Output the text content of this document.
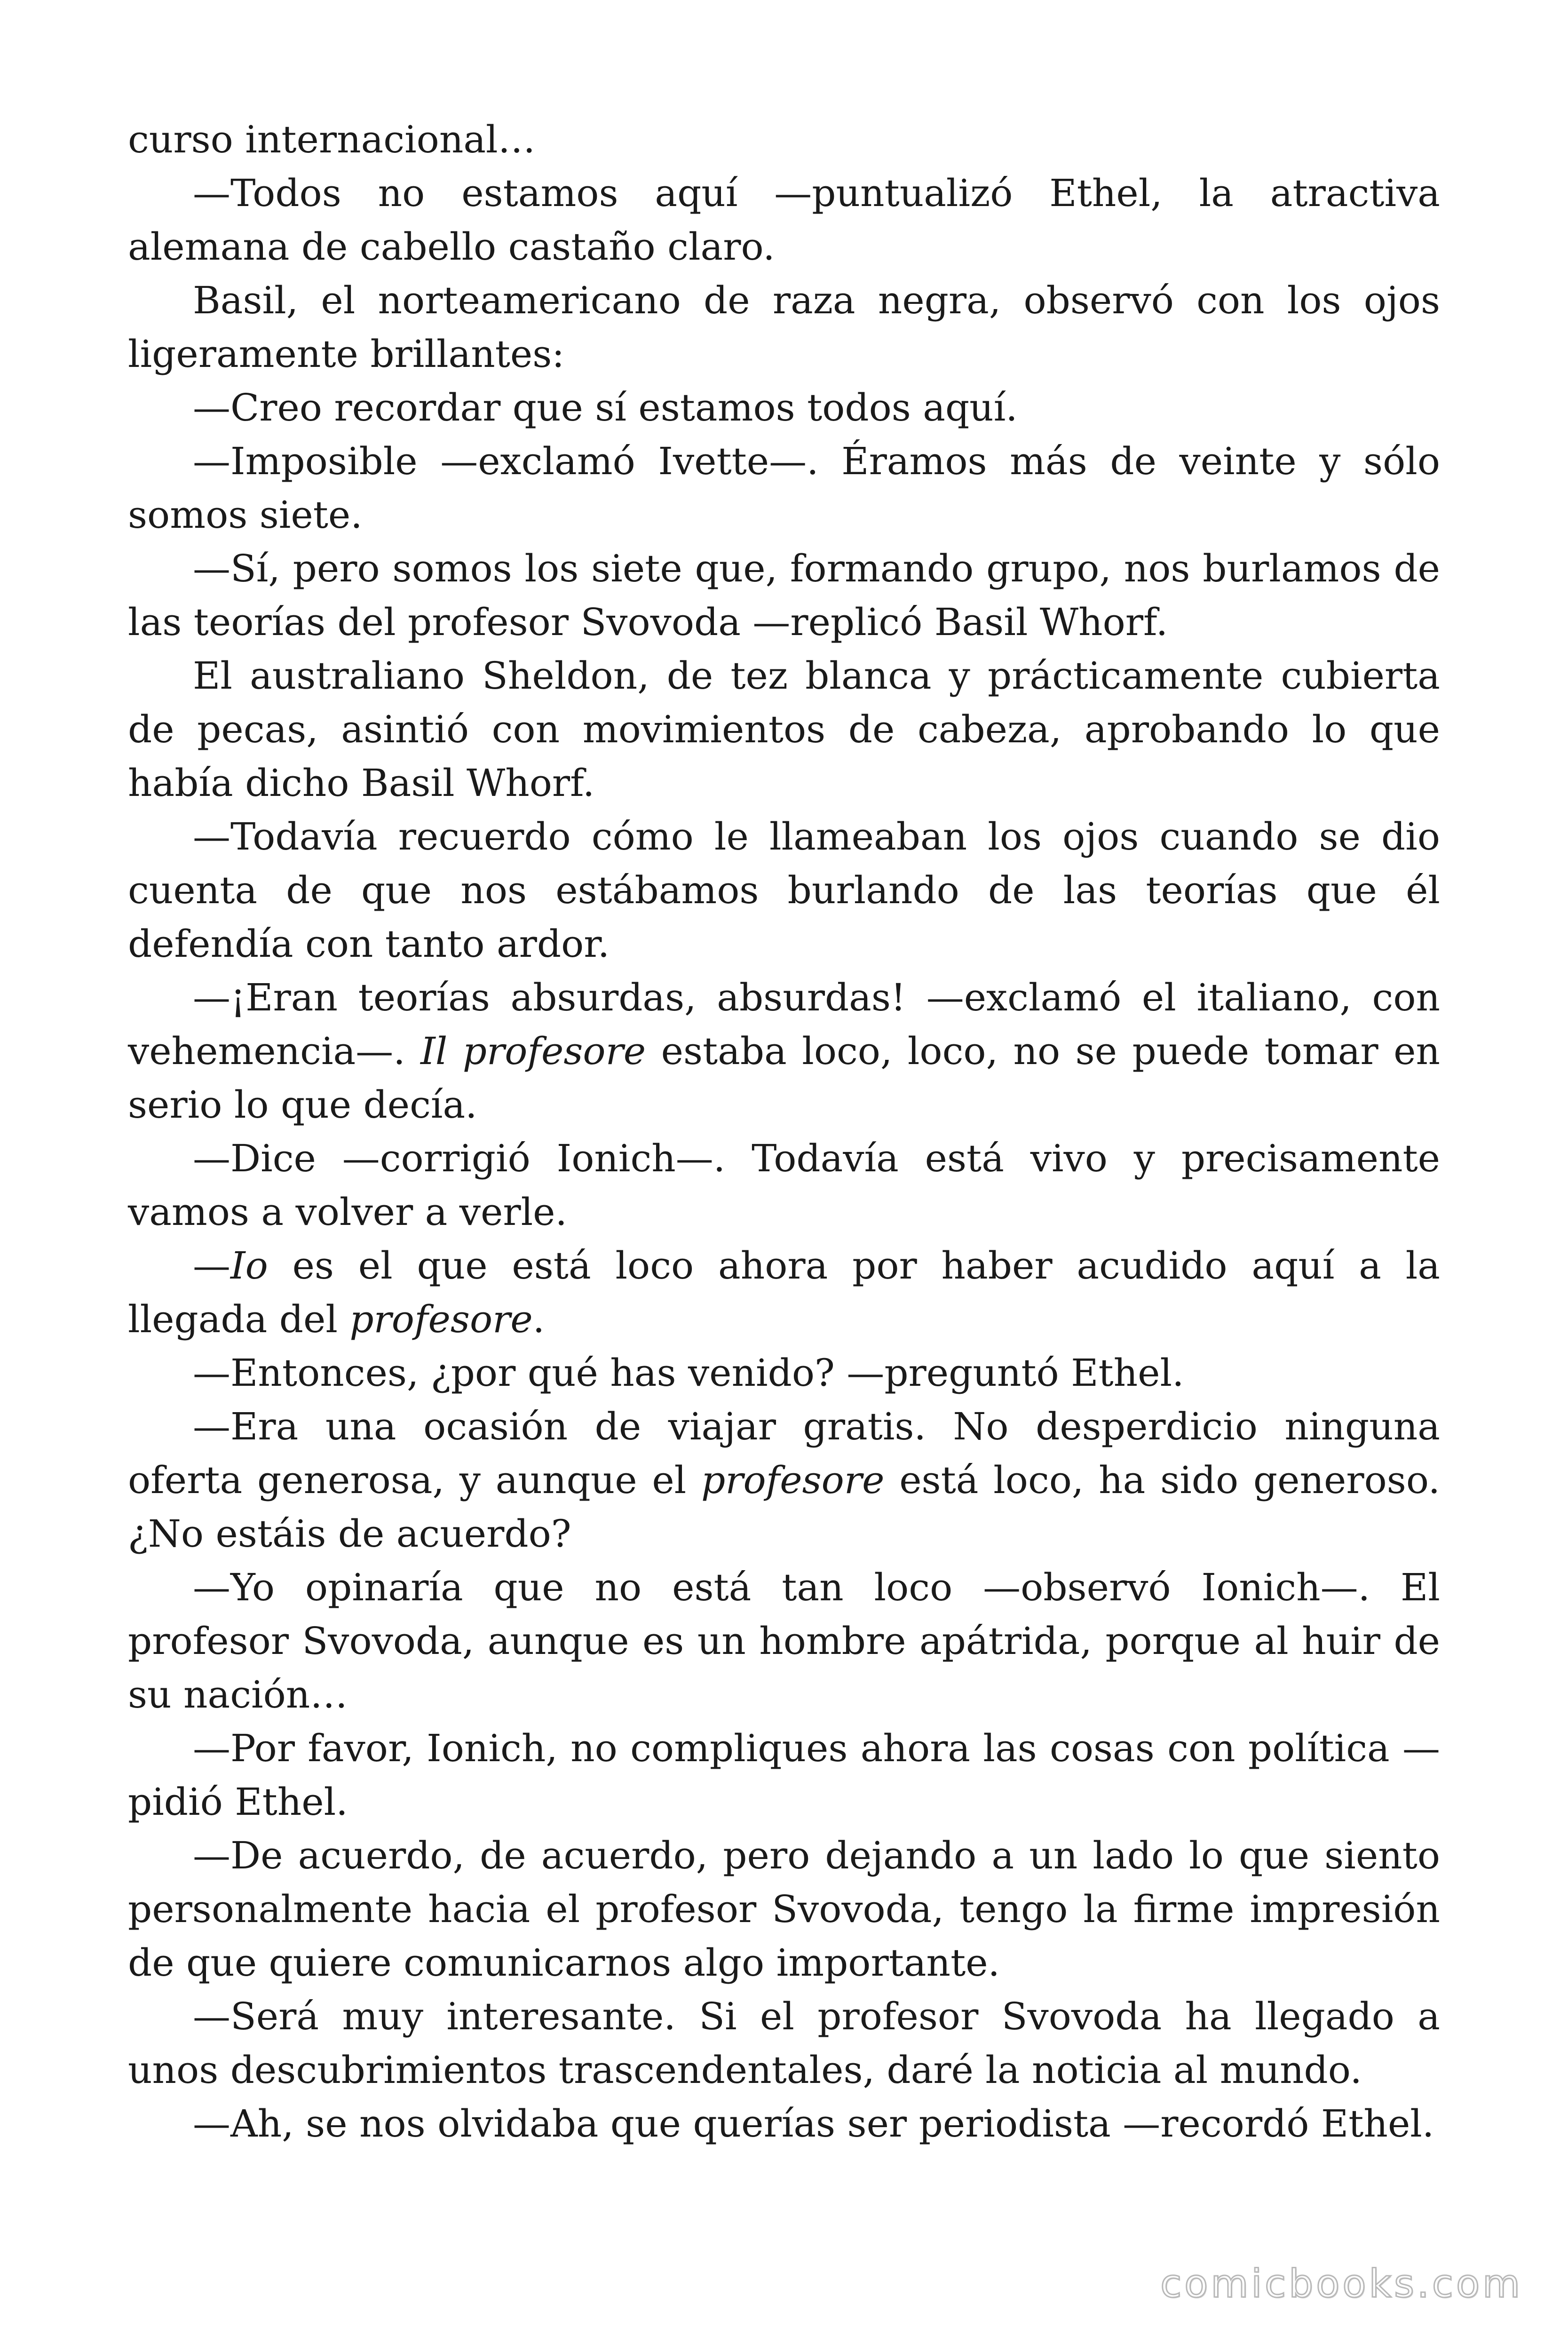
curso internacional…

—Todos no estamos aquí —puntualizó Ethel, la atractiva alemana de cabello castaño claro.

Basil, el norteamericano de raza negra, observó con los ojos ligeramente brillantes:

—Creo recordar que sí estamos todos aquí.

—Imposible —exclamó Ivette—. Éramos más de veinte y sólo somos siete.

—Sí, pero somos los siete que, formando grupo, nos burlamos de las teorías del profesor Svovoda —replicó Basil Whorf.

El australiano Sheldon, de tez blanca y prácticamente cubierta de pecas, asintió con movimientos de cabeza, aprobando lo que había dicho Basil Whorf.

—Todavía recuerdo cómo le llameaban los ojos cuando se dio cuenta de que nos estábamos burlando de las teorías que él defendía con tanto ardor.

—¡Eran teorías absurdas, absurdas! —exclamó el italiano, con vehemencia—. Il profesore estaba loco, loco, no se puede tomar en serio lo que decía.

—Dice —corrigió Ionich—. Todavía está vivo y precisamente vamos a volver a verle.

—Io es el que está loco ahora por haber acudido aquí a la llegada del profesore.

—Entonces, ¿por qué has venido? —preguntó Ethel.

—Era una ocasión de viajar gratis. No desperdicio ninguna oferta generosa, y aunque el profesore está loco, ha sido generoso. ¿No estáis de acuerdo?

—Yo opinaría que no está tan loco —observó Ionich—. El profesor Svovoda, aunque es un hombre apátrida, porque al huir de su nación…

—Por favor, Ionich, no compliques ahora las cosas con política —pidió Ethel.

—De acuerdo, de acuerdo, pero dejando a un lado lo que siento personalmente hacia el profesor Svovoda, tengo la firme impresión de que quiere comunicarnos algo importante.

—Será muy interesante. Si el profesor Svovoda ha llegado a unos descubrimientos trascendentales, daré la noticia al mundo.

—Ah, se nos olvidaba que querías ser periodista —recordó Ethel.

comicbooks.com
